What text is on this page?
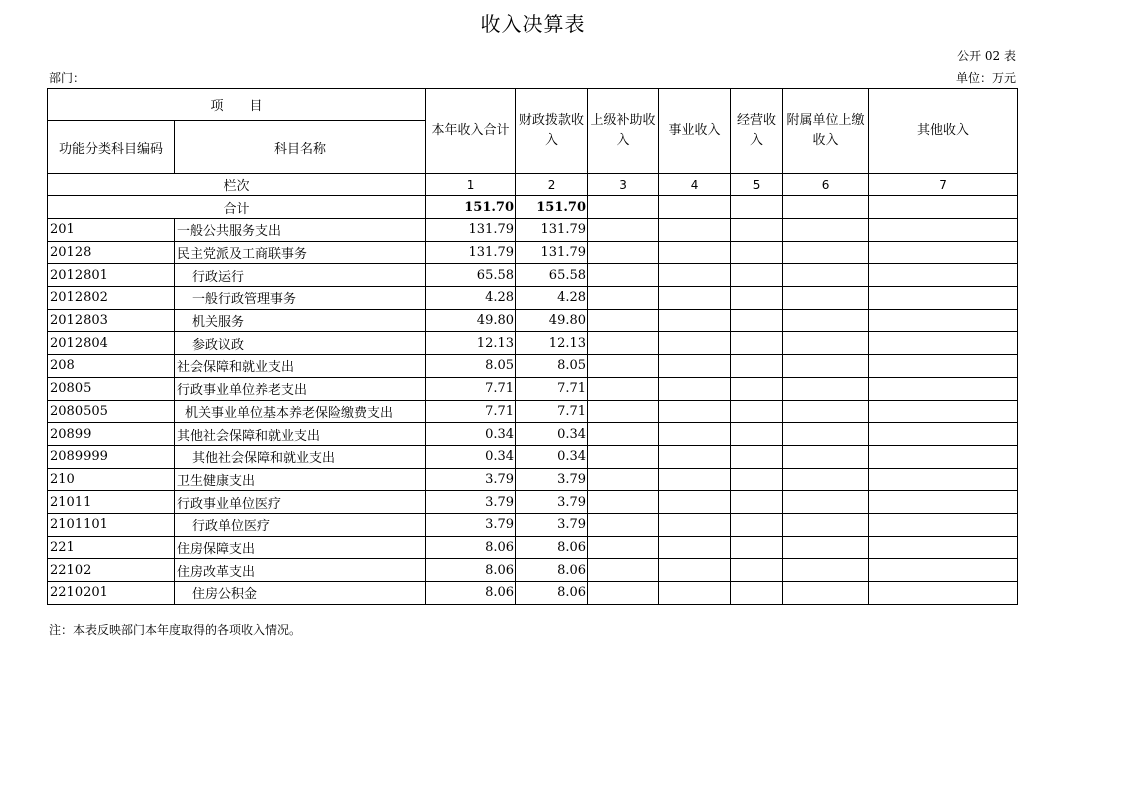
收入决算表
公开 02 表
部门：	单位：万元
项　　目		本年收入合计	财政拨款收入	上级补助收入	事业收入	经营收入	附属单位上缴收入	其他收入
功能分类科目编码	科目名称							
栏次		1	2	3	4	5	6	7
合计		151.70	151.70					
201	一般公共服务支出	131.79	131.79					
20128	民主党派及工商联事务	131.79	131.79					
2012801	行政运行	65.58	65.58					
2012802	一般行政管理事务	4.28	4.28					
2012803	机关服务	49.80	49.80					
2012804	参政议政	12.13	12.13					
208	社会保障和就业支出	8.05	8.05					
20805	行政事业单位养老支出	7.71	7.71					
2080505	机关事业单位基本养老保险缴费支出	7.71	7.71					
20899	其他社会保障和就业支出	0.34	0.34					
2089999	其他社会保障和就业支出	0.34	0.34					
210	卫生健康支出	3.79	3.79					
21011	行政事业单位医疗	3.79	3.79					
2101101	行政单位医疗	3.79	3.79					
221	住房保障支出	8.06	8.06					
22102	住房改革支出	8.06	8.06					
2210201	住房公积金	8.06	8.06					
注：本表反映部门本年度取得的各项收入情况。
